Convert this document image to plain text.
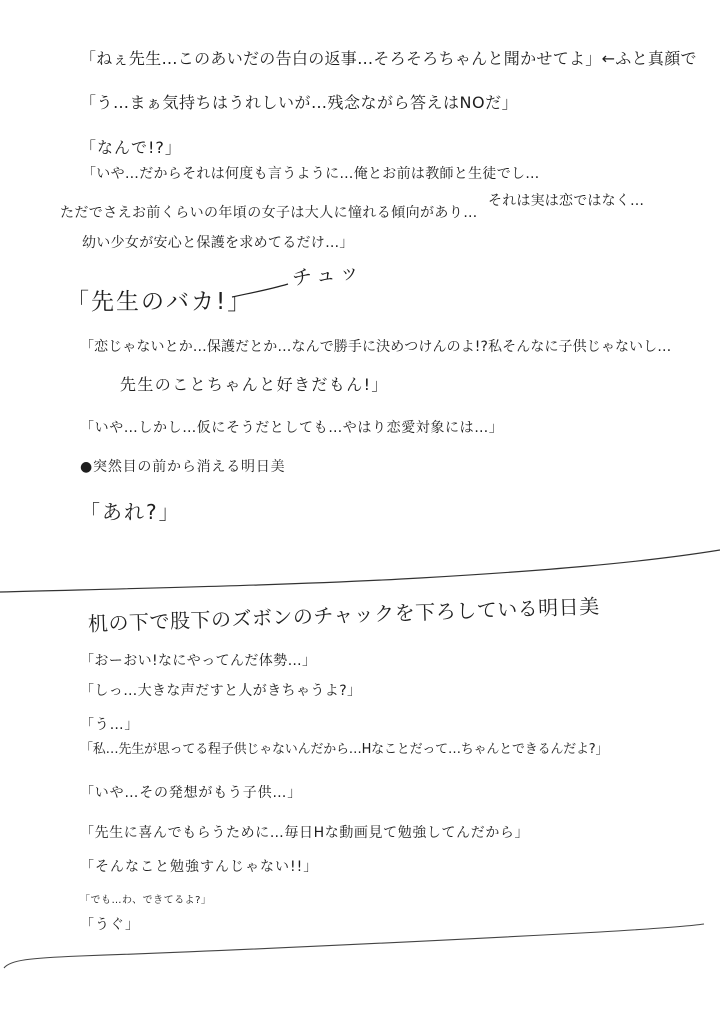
「ねぇ先生…このあいだの告白の返事…そろそろちゃんと聞かせてよ」←ふと真顔で
「う…まぁ気持ちはうれしいが…残念ながら答えはNOだ」
「なんで!?」
「いや…だからそれは何度も言うように…俺とお前は教師と生徒でし…
ただでさえお前くらいの年頃の女子は大人に憧れる傾向があり…
それは実は恋ではなく…
幼い少女が安心と保護を求めてるだけ…」
「先生のバカ!」
チュッ
「恋じゃないとか…保護だとか…なんで勝手に決めつけんのよ!?私そんなに子供じゃないし…
先生のことちゃんと好きだもん!」
「いや…しかし…仮にそうだとしても…やはり恋愛対象には…」
●突然目の前から消える明日美
「あれ?」
机の下で股下のズボンのチャックを下ろしている明日美
「おーおい!なにやってんだ体勢…」
「しっ…大きな声だすと人がきちゃうよ?」
「う…」
「私…先生が思ってる程子供じゃないんだから…Hなことだって…ちゃんとできるんだよ?」
「いや…その発想がもう子供…」
「先生に喜んでもらうために…毎日Hな動画見て勉強してんだから」
「そんなこと勉強すんじゃない!!」
「でも…わ、できてるよ?」
「うぐ」
